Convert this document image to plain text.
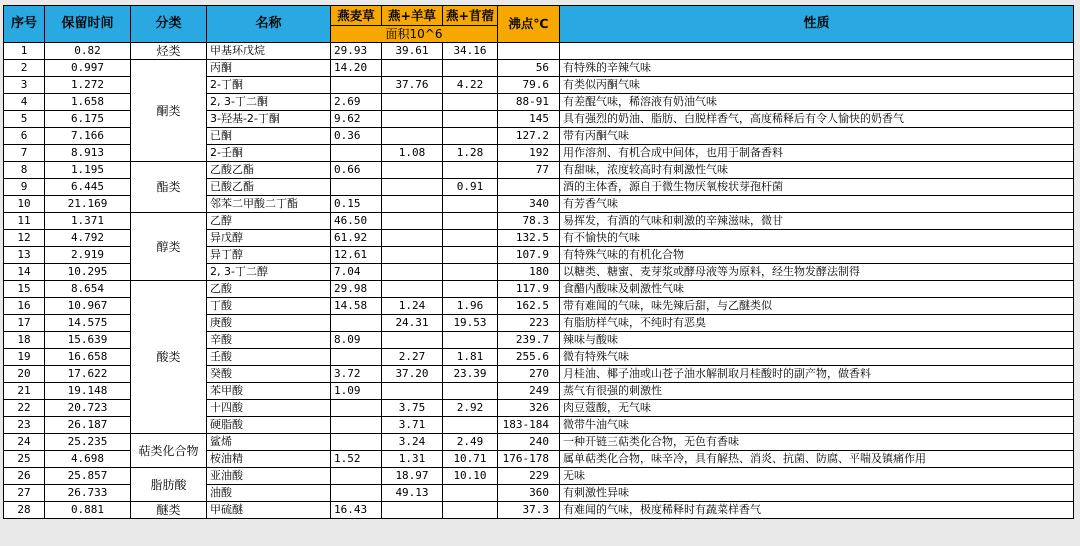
序号	保留时间	分类	名称	燕麦草	燕+羊草	燕+苜蓿	沸点℃	性质
				面积10^6				
1	0.82	烃类	甲基环戊烷	29.93	39.61	34.16		
2	0.997	酮类	丙酮	14.20			56	有特殊的辛辣气味
3	1.272		2-丁酮		37.76	4.22	79.6	有类似丙酮气味
4	1.658		2, 3-丁二酮	2.69			88-91	有差醌气味，稀溶液有奶油气味
5	6.175		3-羟基-2-丁酮	9.62			145	具有强烈的奶油、脂肪、白脱样香气，高度稀释后有令人愉快的奶香气
6	7.166		已酮	0.36			127.2	带有丙酮气味
7	8.913		2-壬酮		1.08	1.28	192	用作溶剂、有机合成中间体，也用于制备香料
8	1.195	酯类	乙酸乙酯	0.66			77	有甜味，浓度较高时有刺激性气味
9	6.445		已酸乙酯			0.91		酒的主体香，源自于微生物厌氧梭状芽孢杆菌
10	21.169		邻苯二甲酸二丁酯	0.15			340	有芳香气味
11	1.371	醇类	乙醇	46.50			78.3	易挥发，有酒的气味和刺激的辛辣滋味，微甘
12	4.792		异戊醇	61.92			132.5	有不愉快的气味
13	2.919		异丁醇	12.61			107.9	有特殊气味的有机化合物
14	10.295		2, 3-丁二醇	7.04			180	以糖类、糖蜜、麦芽浆或酵母液等为原料，经生物发酵法制得
15	8.654	酸类	乙酸	29.98			117.9	食醋内酸味及刺激性气味
16	10.967		丁酸	14.58	1.24	1.96	162.5	带有难闻的气味，味先辣后甜，与乙醚类似
17	14.575		庚酸		24.31	19.53	223	有脂肪样气味，不纯时有恶臭
18	15.639		辛酸	8.09			239.7	辣味与酸味
19	16.658		壬酸		2.27	1.81	255.6	微有特殊气味
20	17.622		癸酸	3.72	37.20	23.39	270	月桂油、椰子油或山苍子油水解制取月桂酸时的副产物，做香料
21	19.148		苯甲酸	1.09			249	蒸气有很强的刺激性
22	20.723		十四酸		3.75	2.92	326	肉豆蔻酸，无气味
23	26.187		硬脂酸		3.71		183-184	微带牛油气味
24	25.235	萜类化合物	鲨烯		3.24	2.49	240	一种开链三萜类化合物，无色有香味
25	4.698		桉油精	1.52	1.31	10.71	176-178	属单萜类化合物，味辛冷，具有解热、消炎、抗菌、防腐、平喘及镇痛作用
26	25.857	脂肪酸	亚油酸		18.97	10.10	229	无味
27	26.733		油酸		49.13		360	有刺激性异味
28	0.881	醚类	甲硫醚	16.43			37.3	有难闻的气味，极度稀释时有蔬菜样香气
